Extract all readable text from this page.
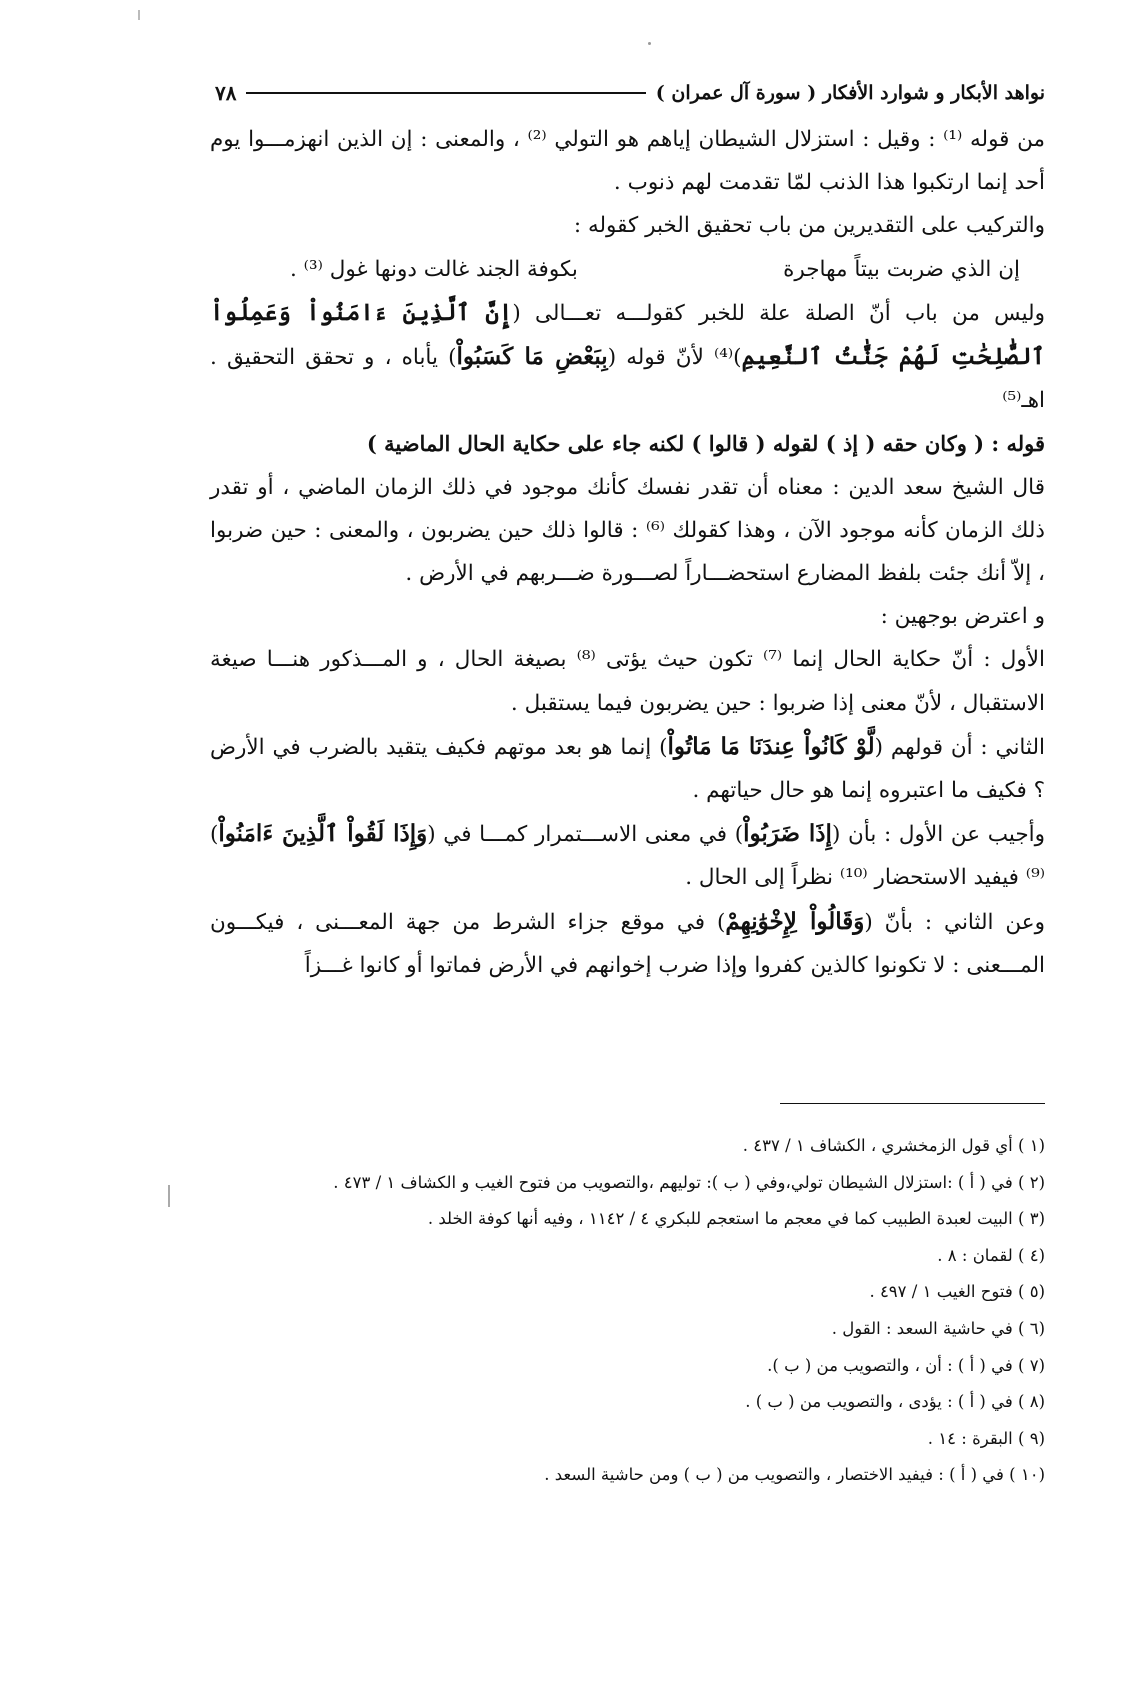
نواهد الأبكار و شوارد الأفكار ( سورة آل عمران )
٧٨

من قوله ⁽¹⁾ : وقيل : استزلال الشيطان إياهم هو التولي ⁽²⁾ ، والمعنى : إن الذين انهزمـــوا يوم أحد إنما ارتكبوا هذا الذنب لمّا تقدمت لهم ذنوب .

والتركيب على التقديرين من باب تحقيق الخبر كقوله :

إن الذي ضربت بيتاً مهاجرة
بكوفة الجند غالت دونها غول ⁽³⁾ .

وليس من باب أنّ الصلة علة للخبر كقولـــه تعـــالى (إِنَّ ٱلَّذِينَ ءَامَنُواْ وَعَمِلُواْ ٱلصَّٰلِحَٰتِ لَهُمْ جَنَّٰتُ ٱلنَّعِيمِ)⁽⁴⁾ لأنّ قوله (بِبَعْضِ مَا كَسَبُواْ) يأباه ، و تحقق التحقيق . اهـ⁽⁵⁾

قوله : ( وكان حقه ( إذ ) لقوله ( قالوا ) لكنه جاء على حكاية الحال الماضية )

قال الشيخ سعد الدين : معناه أن تقدر نفسك كأنك موجود في ذلك الزمان الماضي ، أو تقدر ذلك الزمان كأنه موجود الآن ، وهذا كقولك ⁽⁶⁾ : قالوا ذلك حين يضربون ، والمعنى : حين ضربوا ، إلاّ أنك جئت بلفظ المضارع استحضـــاراً لصـــورة ضـــربهم في الأرض .

و اعترض بوجهين :

الأول : أنّ حكاية الحال إنما ⁽⁷⁾ تكون حيث يؤتى ⁽⁸⁾ بصيغة الحال ، و المـــذكور هنـــا صيغة الاستقبال ، لأنّ معنى إذا ضربوا : حين يضربون فيما يستقبل .

الثاني : أن قولهم (لَّوْ كَانُواْ عِندَنَا مَا مَاتُواْ) إنما هو بعد موتهم فكيف يتقيد بالضرب في الأرض ؟ فكيف ما اعتبروه إنما هو حال حياتهم .

وأجيب عن الأول : بأن (إِذَا ضَرَبُواْ) في معنى الاســـتمرار كمـــا في (وَإِذَا لَقُواْ ٱلَّذِينَ ءَامَنُواْ)⁽⁹⁾ فيفيد الاستحضار ⁽¹⁰⁾ نظراً إلى الحال .

وعن الثاني : بأنّ (وَقَالُواْ لِإِخْوَٰنِهِمْ) في موقع جزاء الشرط من جهة المعـــنى ، فيكـــون المـــعنى : لا تكونوا كالذين كفروا وإذا ضرب إخوانهم في الأرض فماتوا أو كانوا غـــزاً

(١ ) أي قول الزمخشري ، الكشاف ١ / ٤٣٧ .
(٢ ) في ( أ ) :استزلال الشيطان تولي،وفي ( ب ): توليهم ،والتصويب من فتوح الغيب و الكشاف ١ / ٤٧٣ .
(٣ ) البيت لعبدة الطبيب كما في معجم ما استعجم للبكري ٤ / ١١٤٢ ، وفيه أنها كوفة الخلد .
(٤ ) لقمان : ٨ .
(٥ ) فتوح الغيب ١ / ٤٩٧ .
(٦ ) في حاشية السعد : القول .
(٧ ) في ( أ ) : أن ، والتصويب من ( ب ).
(٨ ) في ( أ ) : يؤدى ، والتصويب من ( ب ) .
(٩ ) البقرة : ١٤ .
(١٠ ) في ( أ ) : فيفيد الاختصار ، والتصويب من ( ب ) ومن حاشية السعد .
